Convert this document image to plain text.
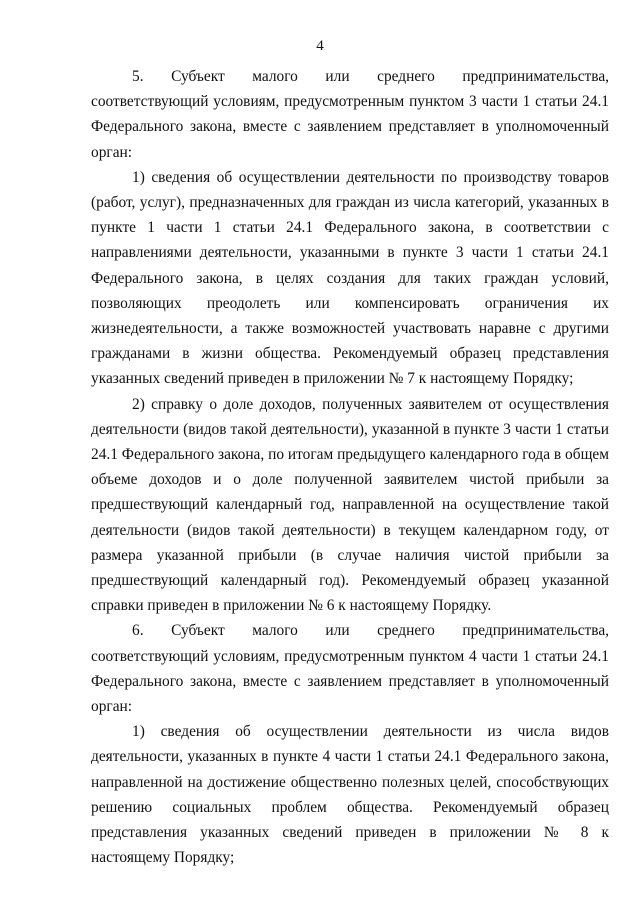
4

5. Субъект малого или среднего предпринимательства, соответствующий условиям, предусмотренным пунктом 3 части 1 статьи 24.1 Федерального закона, вместе с заявлением представляет в уполномоченный орган:

1) сведения об осуществлении деятельности по производству товаров (работ, услуг), предназначенных для граждан из числа категорий, указанных в пункте 1 части 1 статьи 24.1 Федерального закона, в соответствии с направлениями деятельности, указанными в пункте 3 части 1 статьи 24.1 Федерального закона, в целях создания для таких граждан условий, позволяющих преодолеть или компенсировать ограничения их жизнедеятельности, а также возможностей участвовать наравне с другими гражданами в жизни общества. Рекомендуемый образец представления указанных сведений приведен в приложении № 7 к настоящему Порядку;

2) справку о доле доходов, полученных заявителем от осуществления деятельности (видов такой деятельности), указанной в пункте 3 части 1 статьи 24.1 Федерального закона, по итогам предыдущего календарного года в общем объеме доходов и о доле полученной заявителем чистой прибыли за предшествующий календарный год, направленной на осуществление такой деятельности (видов такой деятельности) в текущем календарном году, от размера указанной прибыли (в случае наличия чистой прибыли за предшествующий календарный год). Рекомендуемый образец указанной справки приведен в приложении № 6 к настоящему Порядку.

6. Субъект малого или среднего предпринимательства, соответствующий условиям, предусмотренным пунктом 4 части 1 статьи 24.1 Федерального закона, вместе с заявлением представляет в уполномоченный орган:

1) сведения об осуществлении деятельности из числа видов деятельности, указанных в пункте 4 части 1 статьи 24.1 Федерального закона, направленной на достижение общественно полезных целей, способствующих решению социальных проблем общества. Рекомендуемый образец представления указанных сведений приведен в приложении № 8 к настоящему Порядку;
